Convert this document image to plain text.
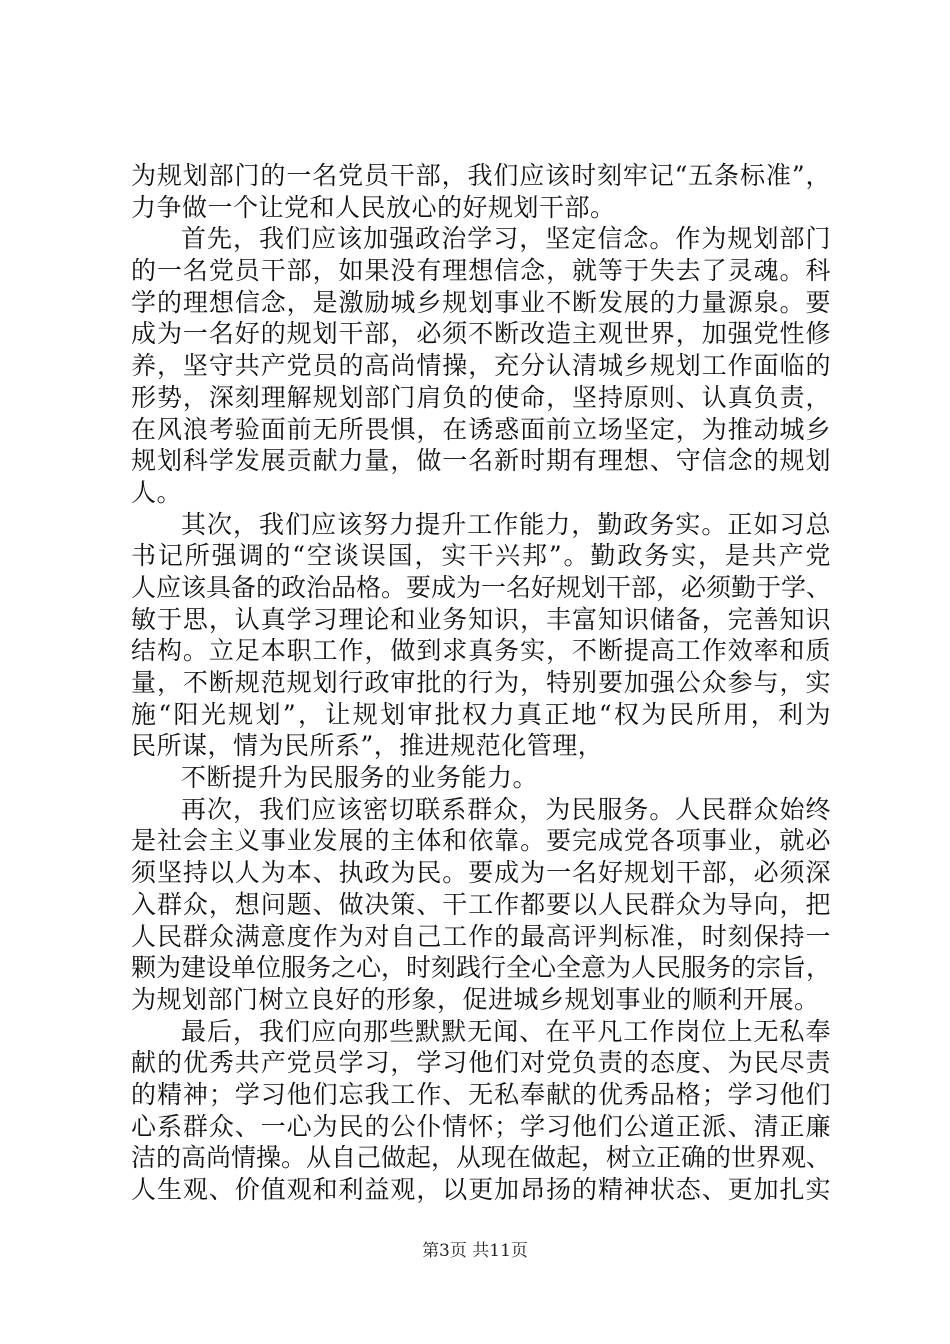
为规划部门的一名党员干部，我们应该时刻牢记“五条标准”，
力争做一个让党和人民放心的好规划干部。
首先，我们应该加强政治学习，坚定信念。作为规划部门
的一名党员干部，如果没有理想信念，就等于失去了灵魂。科
学的理想信念，是激励城乡规划事业不断发展的力量源泉。要
成为一名好的规划干部，必须不断改造主观世界，加强党性修
养，坚守共产党员的高尚情操，充分认清城乡规划工作面临的
形势，深刻理解规划部门肩负的使命，坚持原则、认真负责，
在风浪考验面前无所畏惧，在诱惑面前立场坚定，为推动城乡
规划科学发展贡献力量，做一名新时期有理想、守信念的规划
人。
其次，我们应该努力提升工作能力，勤政务实。正如习总
书记所强调的“空谈误国，实干兴邦”。勤政务实，是共产党
人应该具备的政治品格。要成为一名好规划干部，必须勤于学、
敏于思，认真学习理论和业务知识，丰富知识储备，完善知识
结构。立足本职工作，做到求真务实，不断提高工作效率和质
量，不断规范规划行政审批的行为，特别要加强公众参与，实
施“阳光规划”，让规划审批权力真正地“权为民所用，利为
民所谋，情为民所系”，推进规范化管理，
不断提升为民服务的业务能力。
再次，我们应该密切联系群众，为民服务。人民群众始终
是社会主义事业发展的主体和依靠。要完成党各项事业，就必
须坚持以人为本、执政为民。要成为一名好规划干部，必须深
入群众，想问题、做决策、干工作都要以人民群众为导向，把
人民群众满意度作为对自己工作的最高评判标准，时刻保持一
颗为建设单位服务之心，时刻践行全心全意为人民服务的宗旨，
为规划部门树立良好的形象，促进城乡规划事业的顺利开展。
最后，我们应向那些默默无闻、在平凡工作岗位上无私奉
献的优秀共产党员学习，学习他们对党负责的态度、为民尽责
的精神；学习他们忘我工作、无私奉献的优秀品格；学习他们
心系群众、一心为民的公仆情怀；学习他们公道正派、清正廉
洁的高尚情操。从自己做起，从现在做起，树立正确的世界观、
人生观、价值观和利益观，以更加昂扬的精神状态、更加扎实
第3页 共11页
